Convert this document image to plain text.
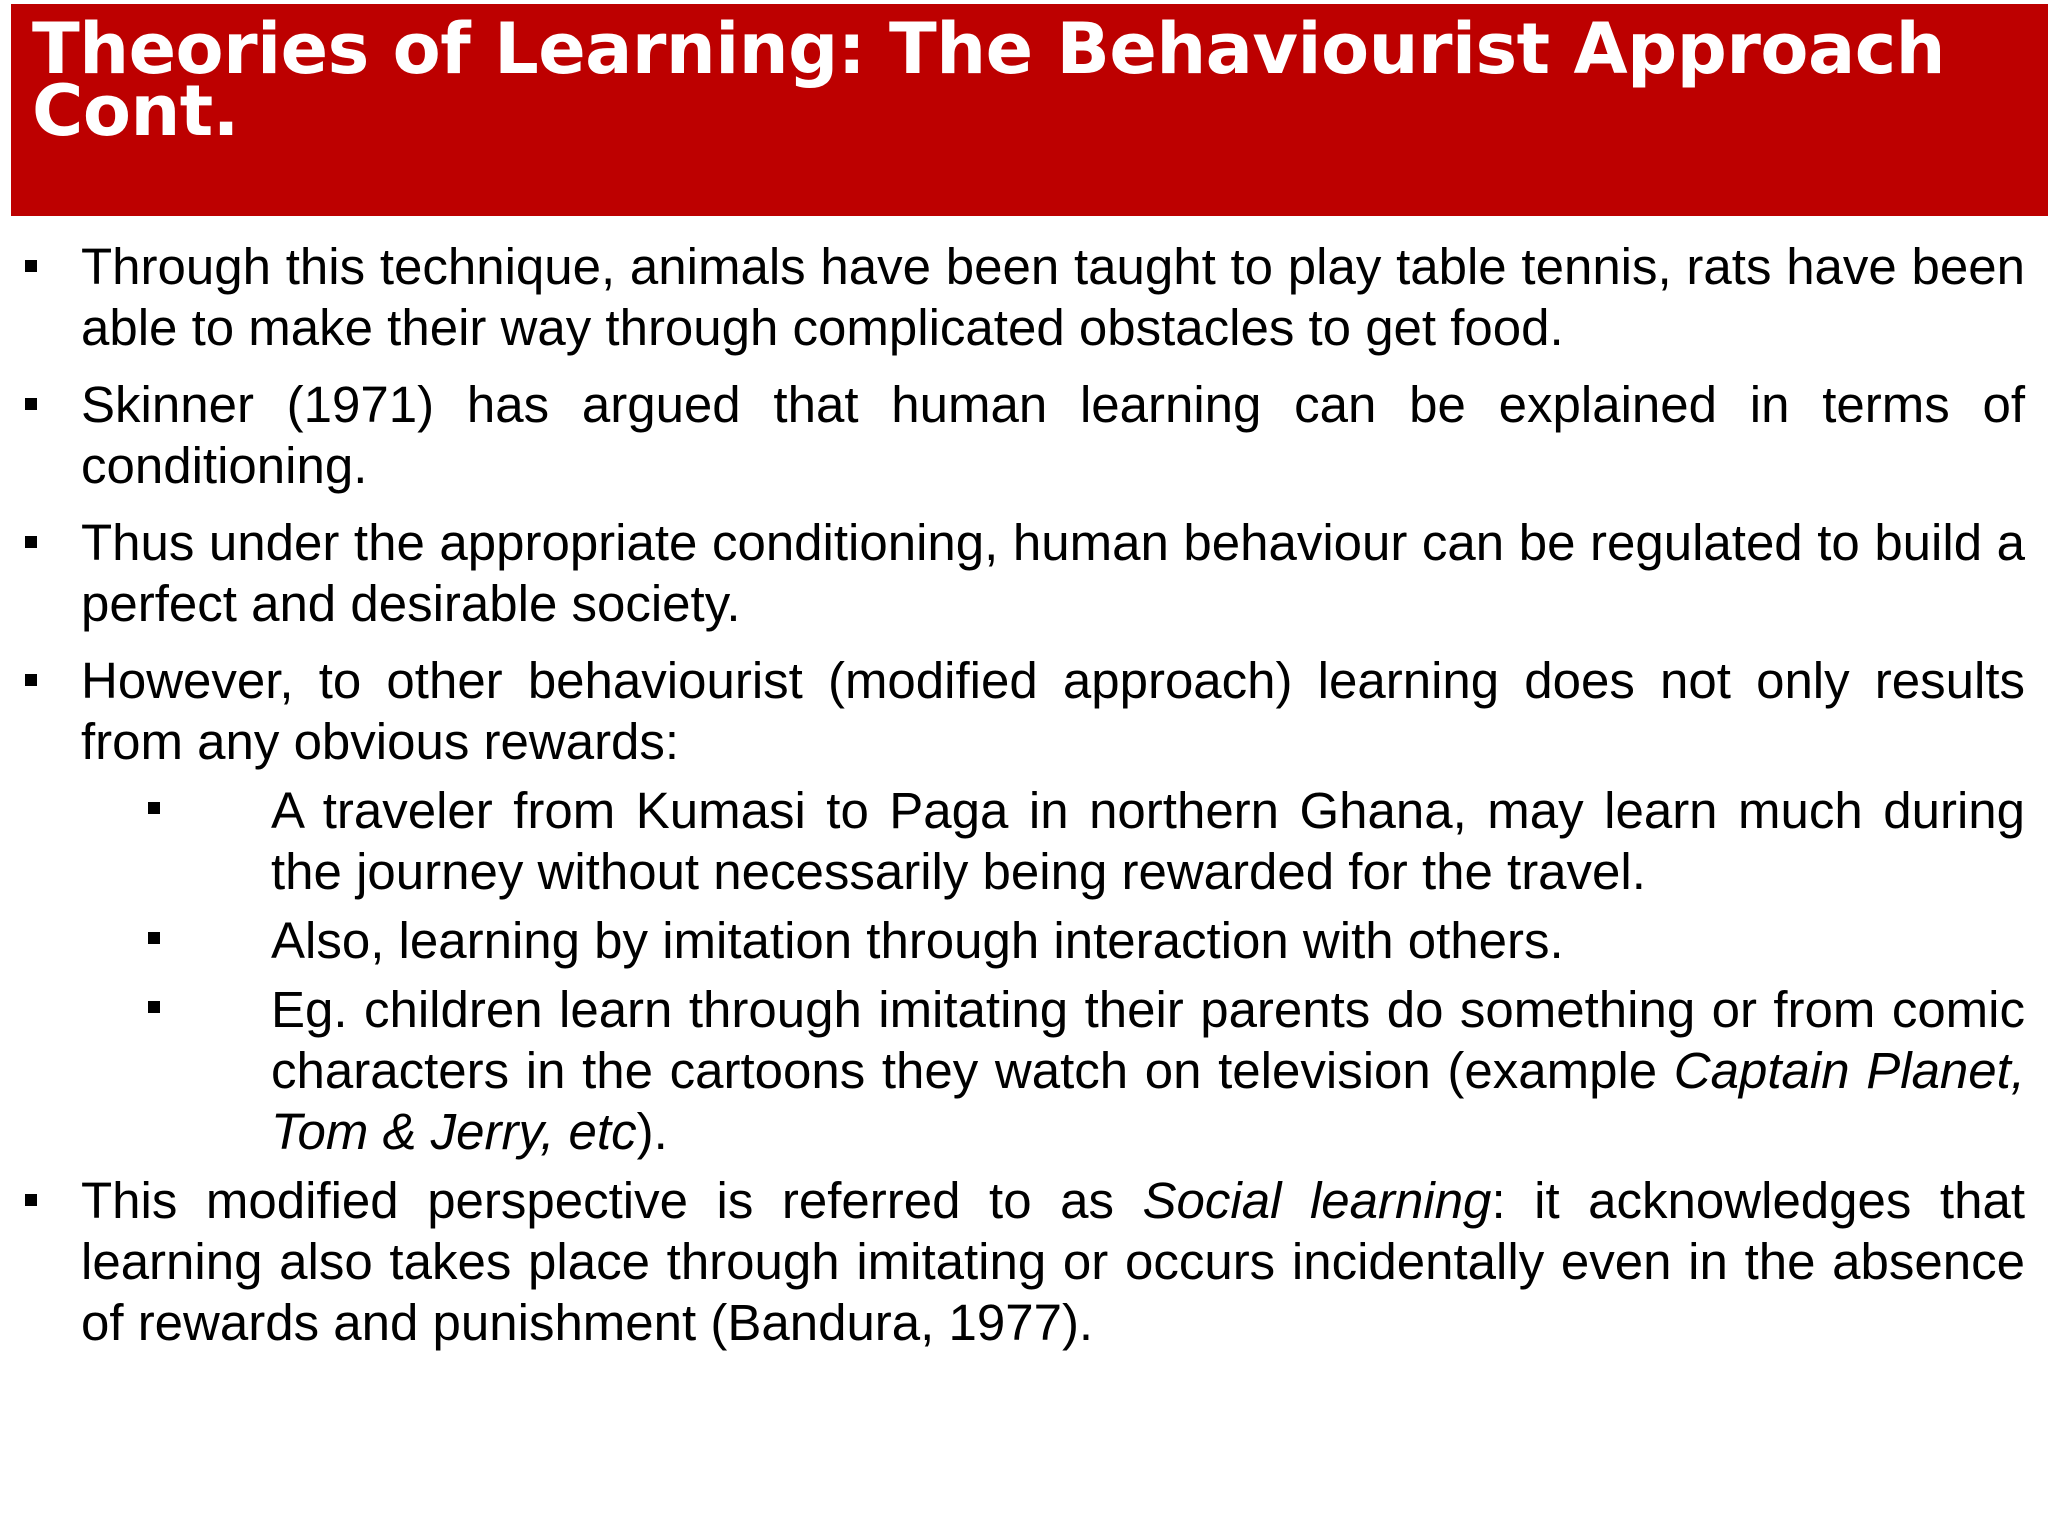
Theories of Learning: The Behaviourist Approach Cont.
Through this technique, animals have been taught to play table tennis, rats have been able to make their way through complicated obstacles to get food.
Skinner (1971) has argued that human learning can be explained in terms of conditioning.
Thus under the appropriate conditioning, human behaviour can be regulated to build a perfect and desirable society.
However, to other behaviourist (modified approach) learning does not only results from any obvious rewards:
A traveler from Kumasi to Paga in northern Ghana, may learn much during the journey without necessarily being rewarded for the travel.
Also, learning by imitation through interaction with others.
Eg. children learn through imitating their parents do something or from comic characters in the cartoons they watch on television (example Captain Planet, Tom & Jerry, etc).
This modified perspective is referred to as Social learning: it acknowledges that learning also takes place through imitating or occurs incidentally even in the absence of rewards and punishment (Bandura, 1977).
